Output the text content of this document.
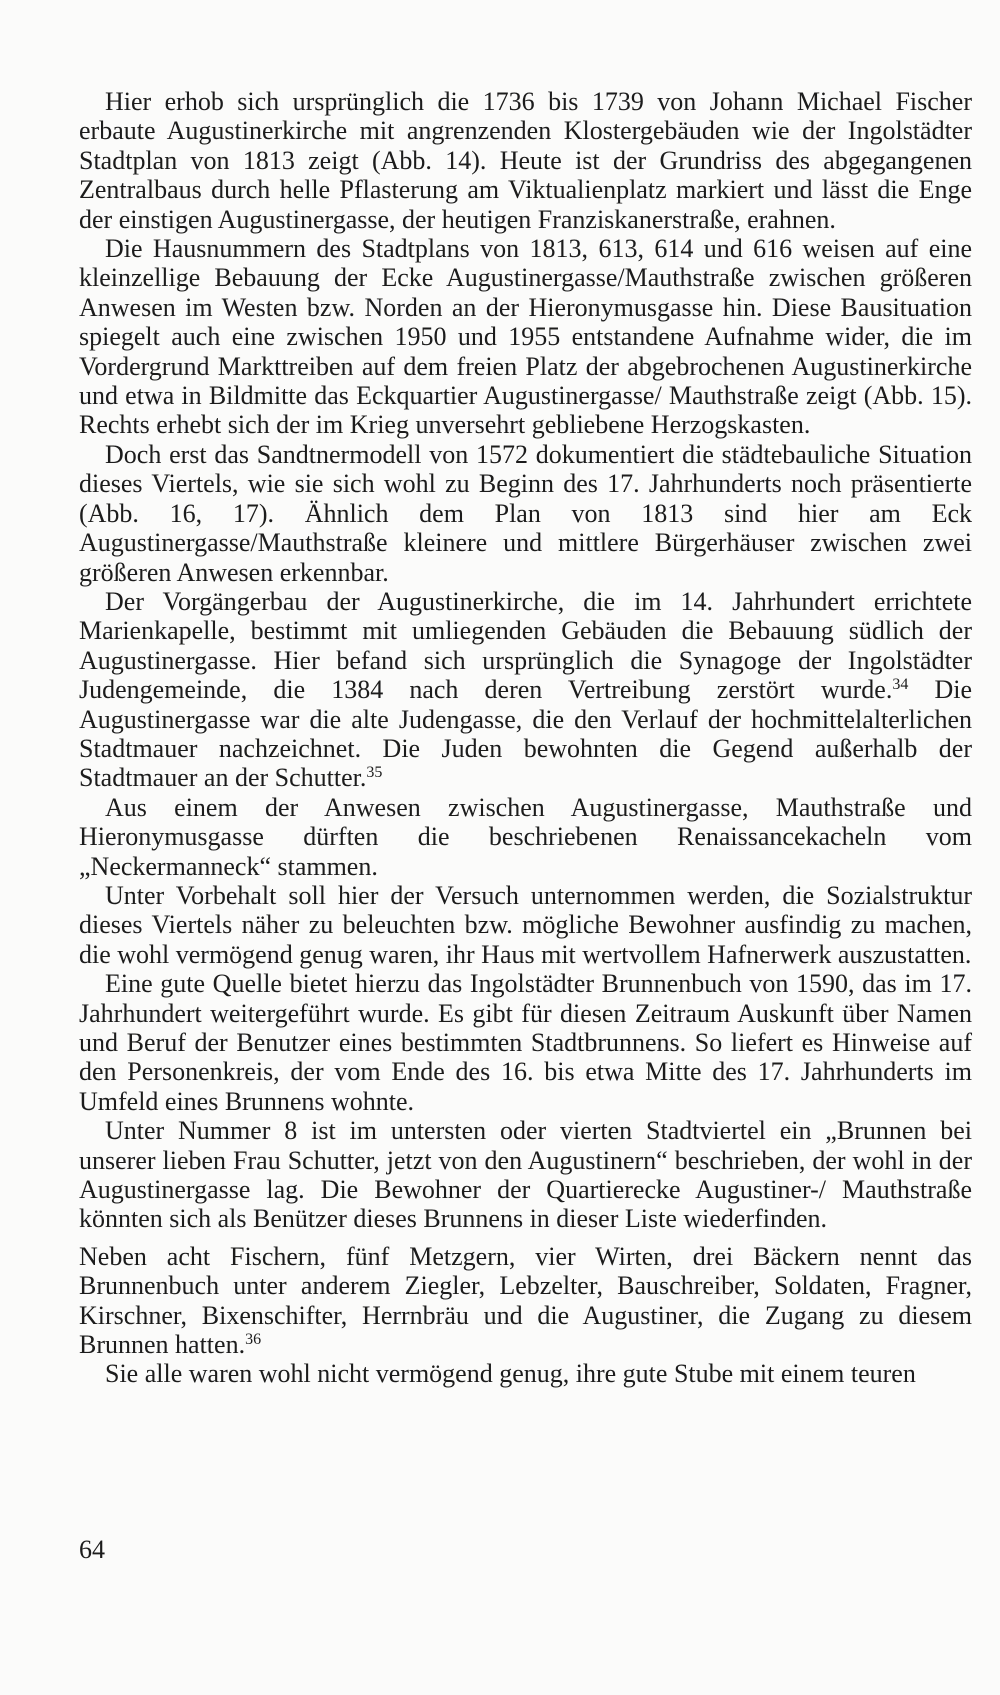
Hier erhob sich ursprünglich die 1736 bis 1739 von Johann Michael Fischer erbaute Augustinerkirche mit angrenzenden Klostergebäuden wie der Ingolstädter Stadtplan von 1813 zeigt (Abb. 14). Heute ist der Grundriss des abgegangenen Zentralbaus durch helle Pflasterung am Viktualienplatz markiert und lässt die Enge der einstigen Augustinergasse, der heutigen Franziskanerstraße, erahnen.

Die Hausnummern des Stadtplans von 1813, 613, 614 und 616 weisen auf eine kleinzellige Bebauung der Ecke Augustinergasse/Mauthstraße zwischen größeren Anwesen im Westen bzw. Norden an der Hieronymusgasse hin. Diese Bausituation spiegelt auch eine zwischen 1950 und 1955 entstandene Aufnahme wider, die im Vordergrund Markttreiben auf dem freien Platz der abgebrochenen Augustinerkirche und etwa in Bildmitte das Eckquartier Augustinergasse/ Mauthstraße zeigt (Abb. 15). Rechts erhebt sich der im Krieg unversehrt gebliebene Herzogskasten.

Doch erst das Sandtnermodell von 1572 dokumentiert die städtebauliche Situation dieses Viertels, wie sie sich wohl zu Beginn des 17. Jahrhunderts noch präsentierte (Abb. 16, 17). Ähnlich dem Plan von 1813 sind hier am Eck Augustinergasse/Mauthstraße kleinere und mittlere Bürgerhäuser zwischen zwei größeren Anwesen erkennbar.

Der Vorgängerbau der Augustinerkirche, die im 14. Jahrhundert errichtete Marienkapelle, bestimmt mit umliegenden Gebäuden die Bebauung südlich der Augustinergasse. Hier befand sich ursprünglich die Synagoge der Ingolstädter Judengemeinde, die 1384 nach deren Vertreibung zerstört wurde.$^{34}$ Die Augustinergasse war die alte Judengasse, die den Verlauf der hochmittelalterlichen Stadtmauer nachzeichnet. Die Juden bewohnten die Gegend außerhalb der Stadtmauer an der Schutter.$^{35}$

Aus einem der Anwesen zwischen Augustinergasse, Mauthstraße und Hieronymusgasse dürften die beschriebenen Renaissancekacheln vom „Neckermanneck“ stammen.

Unter Vorbehalt soll hier der Versuch unternommen werden, die Sozialstruktur dieses Viertels näher zu beleuchten bzw. mögliche Bewohner ausfindig zu machen, die wohl vermögend genug waren, ihr Haus mit wertvollem Hafnerwerk auszustatten.

Eine gute Quelle bietet hierzu das Ingolstädter Brunnenbuch von 1590, das im 17. Jahrhundert weitergeführt wurde. Es gibt für diesen Zeitraum Auskunft über Namen und Beruf der Benutzer eines bestimmten Stadtbrunnens. So liefert es Hinweise auf den Personenkreis, der vom Ende des 16. bis etwa Mitte des 17. Jahrhunderts im Umfeld eines Brunnens wohnte.

Unter Nummer 8 ist im untersten oder vierten Stadtviertel ein „Brunnen bei unserer lieben Frau Schutter, jetzt von den Augustinern“ beschrieben, der wohl in der Augustinergasse lag. Die Bewohner der Quartierecke Augustiner-/ Mauthstraße könnten sich als Benützer dieses Brunnens in dieser Liste wiederfinden.

Neben acht Fischern, fünf Metzgern, vier Wirten, drei Bäckern nennt das Brunnenbuch unter anderem Ziegler, Lebzelter, Bauschreiber, Soldaten, Fragner, Kirschner, Bixenschifter, Herrnbräu und die Augustiner, die Zugang zu diesem Brunnen hatten.$^{36}$

Sie alle waren wohl nicht vermögend genug, ihre gute Stube mit einem teuren

64
